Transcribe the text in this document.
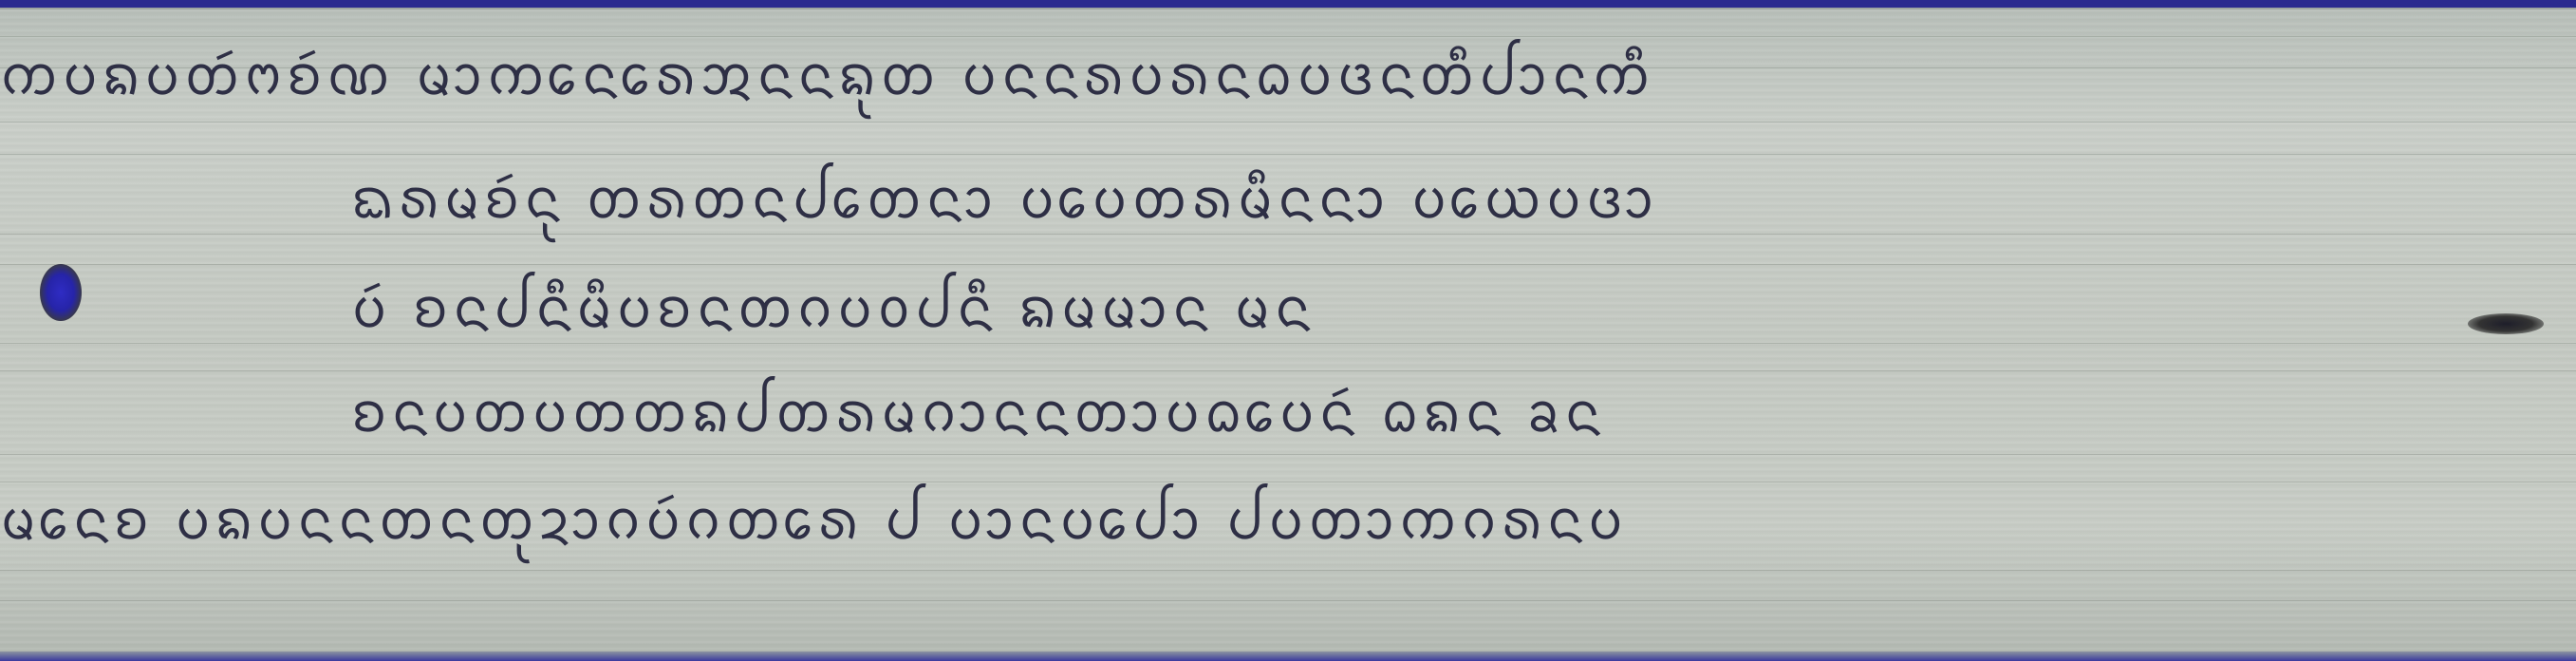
ᨠᨷᨦᨷᨲᩢᨻᨧᩢᨱ ᨾᩣᨠᩮᨶᩮᩁᩋᨶᨶᨦᩩᨲ ᨷᨶᨶᩁᨷᩁᨶᨵᨷᨴᨶᨲᩥᨸᩣᨶᨠᩥ
ᨳᩁᨾᨧᩢᨶᩩ ᨲᩁᨲᨶᨸᩮᨲᨶᩣ ᨷᩮᨷᨲᩁᨾᩥᨶᨶᩣ ᨷᩮᨿᨷᨴᩣ
ᨷᩢ ᨧᨶᨸᨶᩥᨾᩥᨷᨧᨶᨲᨣᨷᩅᨸᨶᩥ ᨦᨾᨾᩣᨶ ᨾᨶ
ᨧᨶᨷᨲᨷᨲᨲᨦᨸᨲᩁᨾᨣᩣᨶᨶᨲᩣᨷᨵᩮᨷᨶᩢ ᨵᨦᨶ ᨡᨶ
ᨾᩮᨶᨧ ᨷᨦᨷᨶᨶᨲᨶᨲᩩᨯᩣᨣᨷᩢᨣᨲᩮᩁ ᨸ ᨷᩣᨶᨷᩮᨸᩣ ᨸᨷᨲᩣᨠᨣᩁᨶᨷ
